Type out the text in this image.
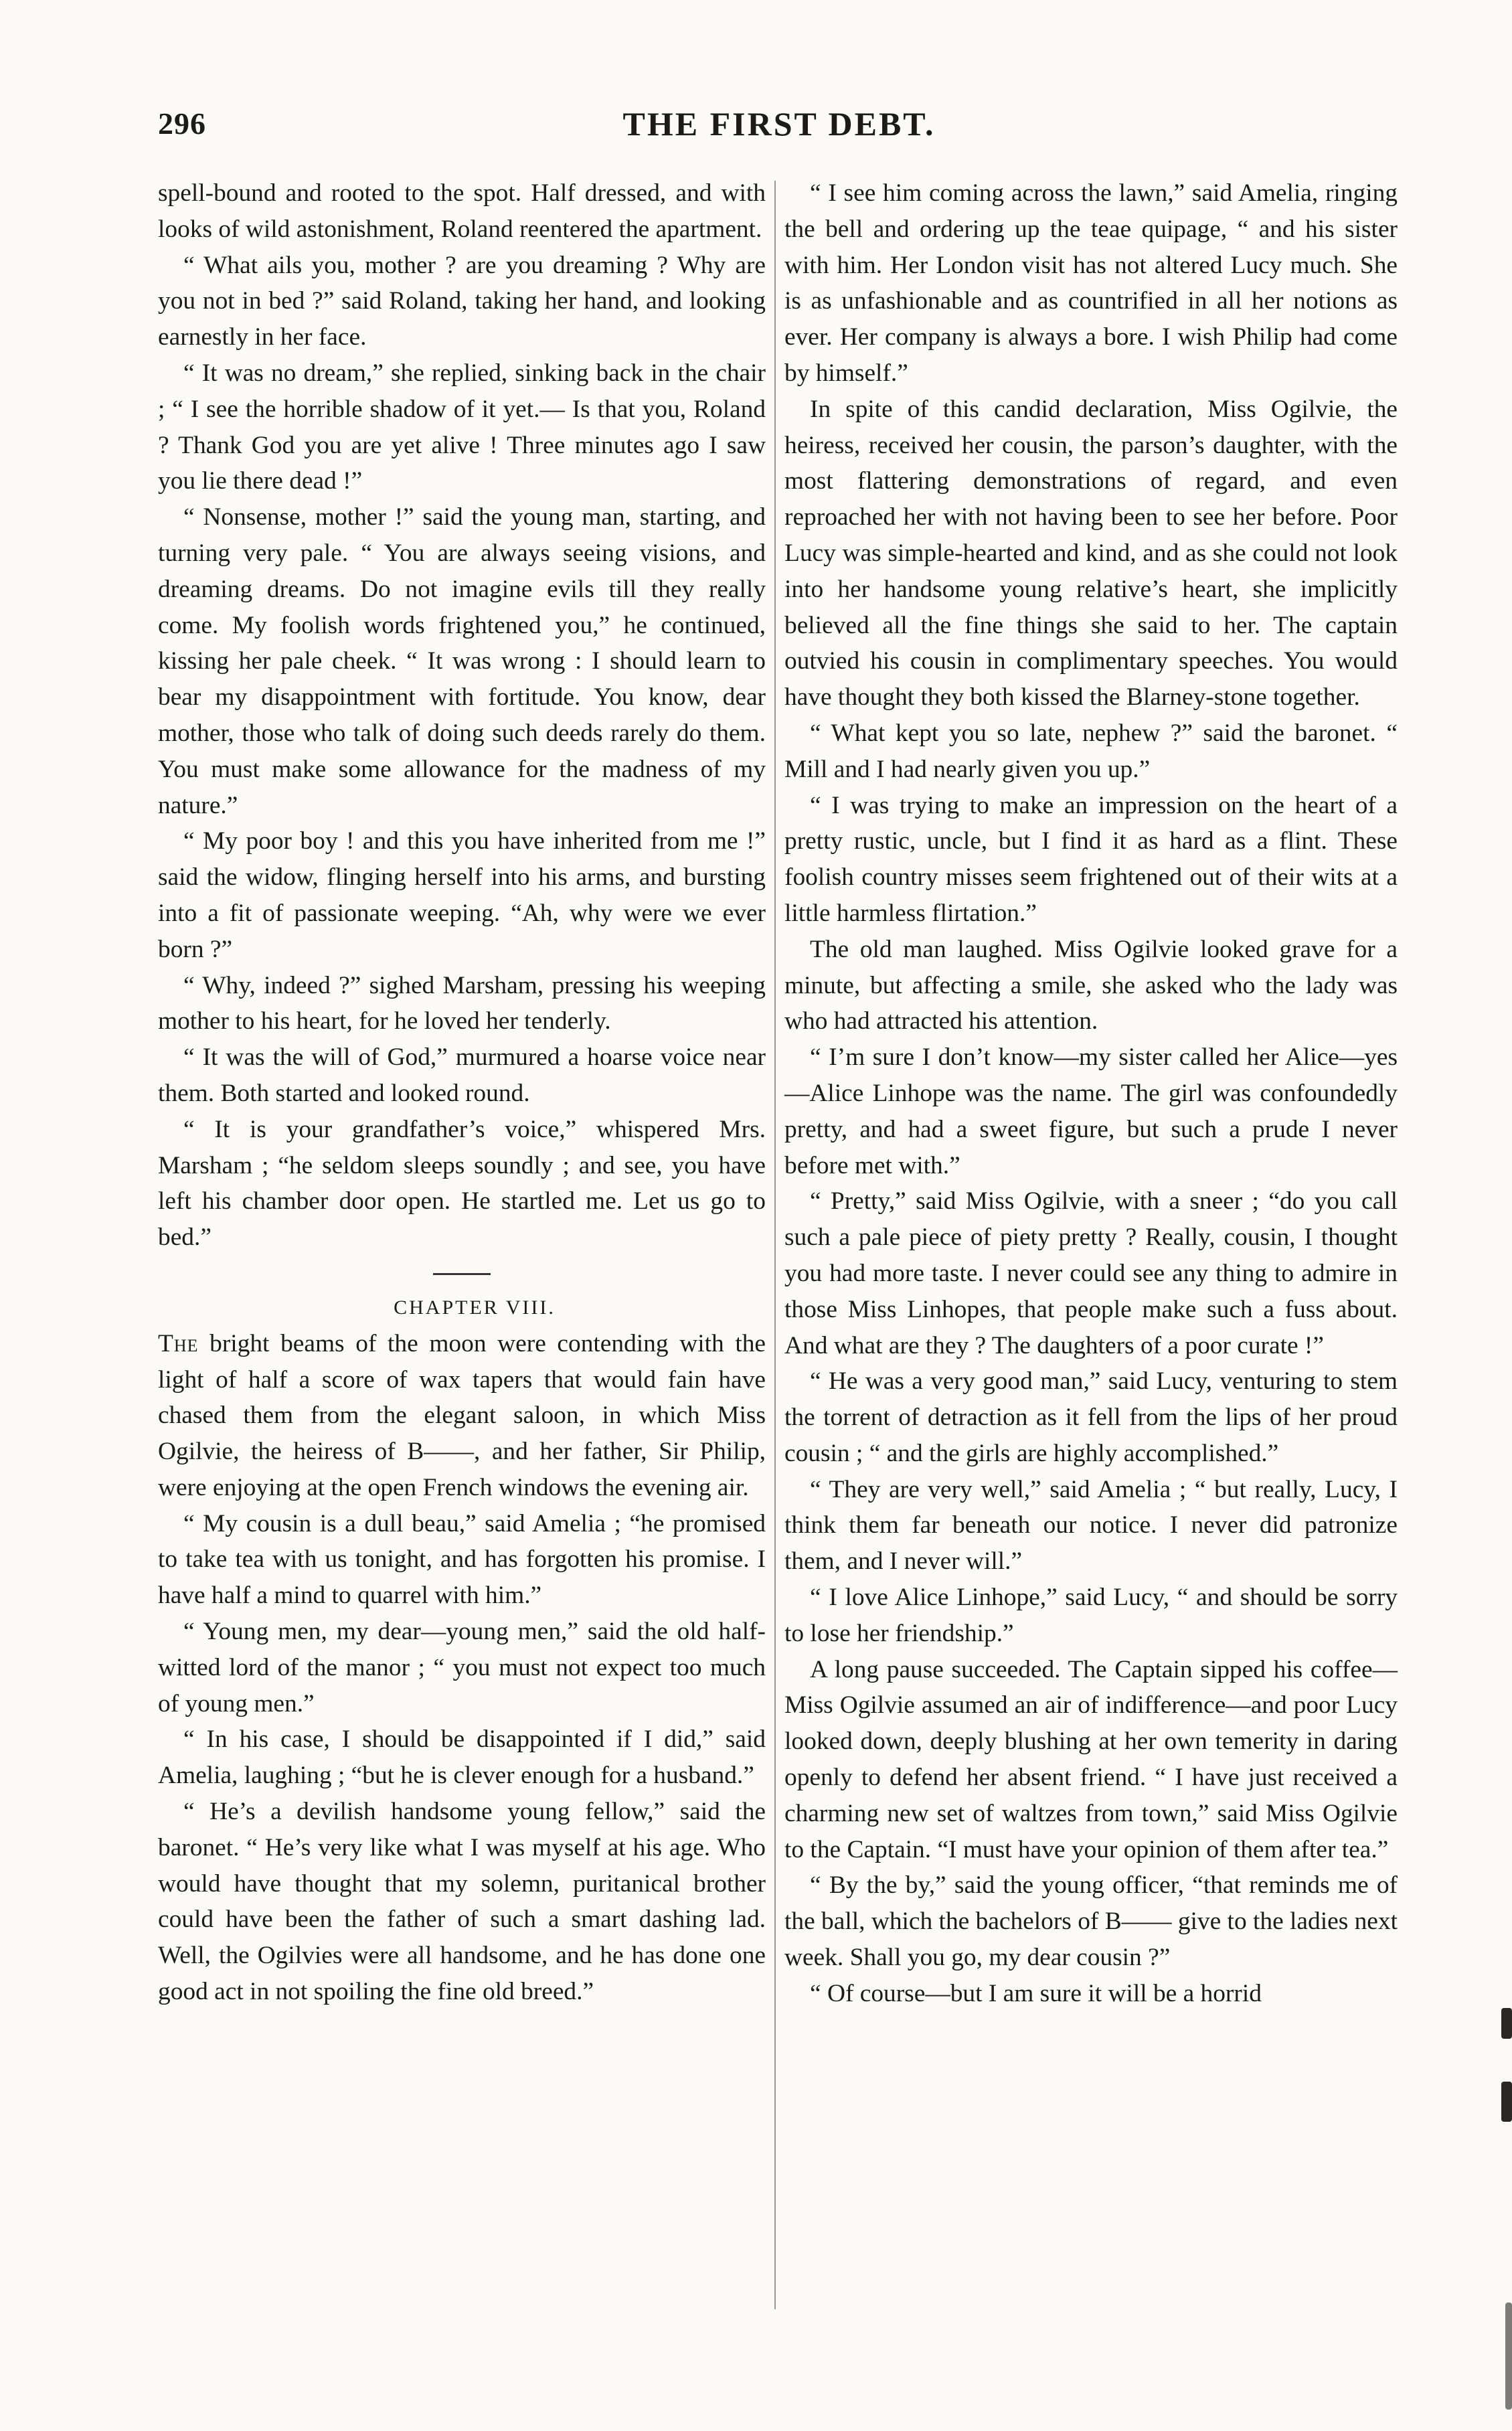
296	THE FIRST DEBT.

spell-bound and rooted to the spot. Half dressed, and with looks of wild astonishment, Roland reentered the apartment.

“ What ails you, mother ? are you dreaming ? Why are you not in bed ?” said Roland, taking her hand, and looking earnestly in her face.

“ It was no dream,” she replied, sinking back in the chair ; “ I see the horrible shadow of it yet.— Is that you, Roland ? Thank God you are yet alive ! Three minutes ago I saw you lie there dead !”

“ Nonsense, mother !” said the young man, starting, and turning very pale. “ You are always seeing visions, and dreaming dreams. Do not imagine evils till they really come. My foolish words frightened you,” he continued, kissing her pale cheek. “ It was wrong : I should learn to bear my disappointment with fortitude. You know, dear mother, those who talk of doing such deeds rarely do them. You must make some allowance for the madness of my nature.”

“ My poor boy ! and this you have inherited from me !” said the widow, flinging herself into his arms, and bursting into a fit of passionate weeping. “Ah, why were we ever born ?”

“ Why, indeed ?” sighed Marsham, pressing his weeping mother to his heart, for he loved her tenderly.

“ It was the will of God,” murmured a hoarse voice near them. Both started and looked round.

“ It is your grandfather’s voice,” whispered Mrs. Marsham ; “he seldom sleeps soundly ; and see, you have left his chamber door open. He startled me. Let us go to bed.”

CHAPTER VIII.

The bright beams of the moon were contending with the light of half a score of wax tapers that would fain have chased them from the elegant saloon, in which Miss Ogilvie, the heiress of B——, and her father, Sir Philip, were enjoying at the open French windows the evening air.

“ My cousin is a dull beau,” said Amelia ; “he promised to take tea with us tonight, and has forgotten his promise. I have half a mind to quarrel with him.”

“ Young men, my dear—young men,” said the old half-witted lord of the manor ; “ you must not expect too much of young men.”

“ In his case, I should be disappointed if I did,” said Amelia, laughing ; “but he is clever enough for a husband.”

“ He’s a devilish handsome young fellow,” said the baronet. “ He’s very like what I was myself at his age. Who would have thought that my solemn, puritanical brother could have been the father of such a smart dashing lad. Well, the Ogilvies were all handsome, and he has done one good act in not spoiling the fine old breed.”

“ I see him coming across the lawn,” said Amelia, ringing the bell and ordering up the teae quipage, “ and his sister with him. Her London visit has not altered Lucy much. She is as unfashionable and as countrified in all her notions as ever. Her company is always a bore. I wish Philip had come by himself.”

In spite of this candid declaration, Miss Ogilvie, the heiress, received her cousin, the parson’s daughter, with the most flattering demonstrations of regard, and even reproached her with not having been to see her before. Poor Lucy was simple-hearted and kind, and as she could not look into her handsome young relative’s heart, she implicitly believed all the fine things she said to her. The captain outvied his cousin in complimentary speeches. You would have thought they both kissed the Blarney-stone together.

“ What kept you so late, nephew ?” said the baronet. “ Mill and I had nearly given you up.”

“ I was trying to make an impression on the heart of a pretty rustic, uncle, but I find it as hard as a flint. These foolish country misses seem frightened out of their wits at a little harmless flirtation.”

The old man laughed. Miss Ogilvie looked grave for a minute, but affecting a smile, she asked who the lady was who had attracted his attention.

“ I’m sure I don’t know—my sister called her Alice—yes—Alice Linhope was the name. The girl was confoundedly pretty, and had a sweet figure, but such a prude I never before met with.”

“ Pretty,” said Miss Ogilvie, with a sneer ; “do you call such a pale piece of piety pretty ? Really, cousin, I thought you had more taste. I never could see any thing to admire in those Miss Linhopes, that people make such a fuss about. And what are they ? The daughters of a poor curate !”

“ He was a very good man,” said Lucy, venturing to stem the torrent of detraction as it fell from the lips of her proud cousin ; “ and the girls are highly accomplished.”

“ They are very well,” said Amelia ; “ but really, Lucy, I think them far beneath our notice. I never did patronize them, and I never will.”

“ I love Alice Linhope,” said Lucy, “ and should be sorry to lose her friendship.”

A long pause succeeded. The Captain sipped his coffee—Miss Ogilvie assumed an air of indifference—and poor Lucy looked down, deeply blushing at her own temerity in daring openly to defend her absent friend. “ I have just received a charming new set of waltzes from town,” said Miss Ogilvie to the Captain. “I must have your opinion of them after tea.”

“ By the by,” said the young officer, “that reminds me of the ball, which the bachelors of B—— give to the ladies next week. Shall you go, my dear cousin ?”

“ Of course—but I am sure it will be a horrid
